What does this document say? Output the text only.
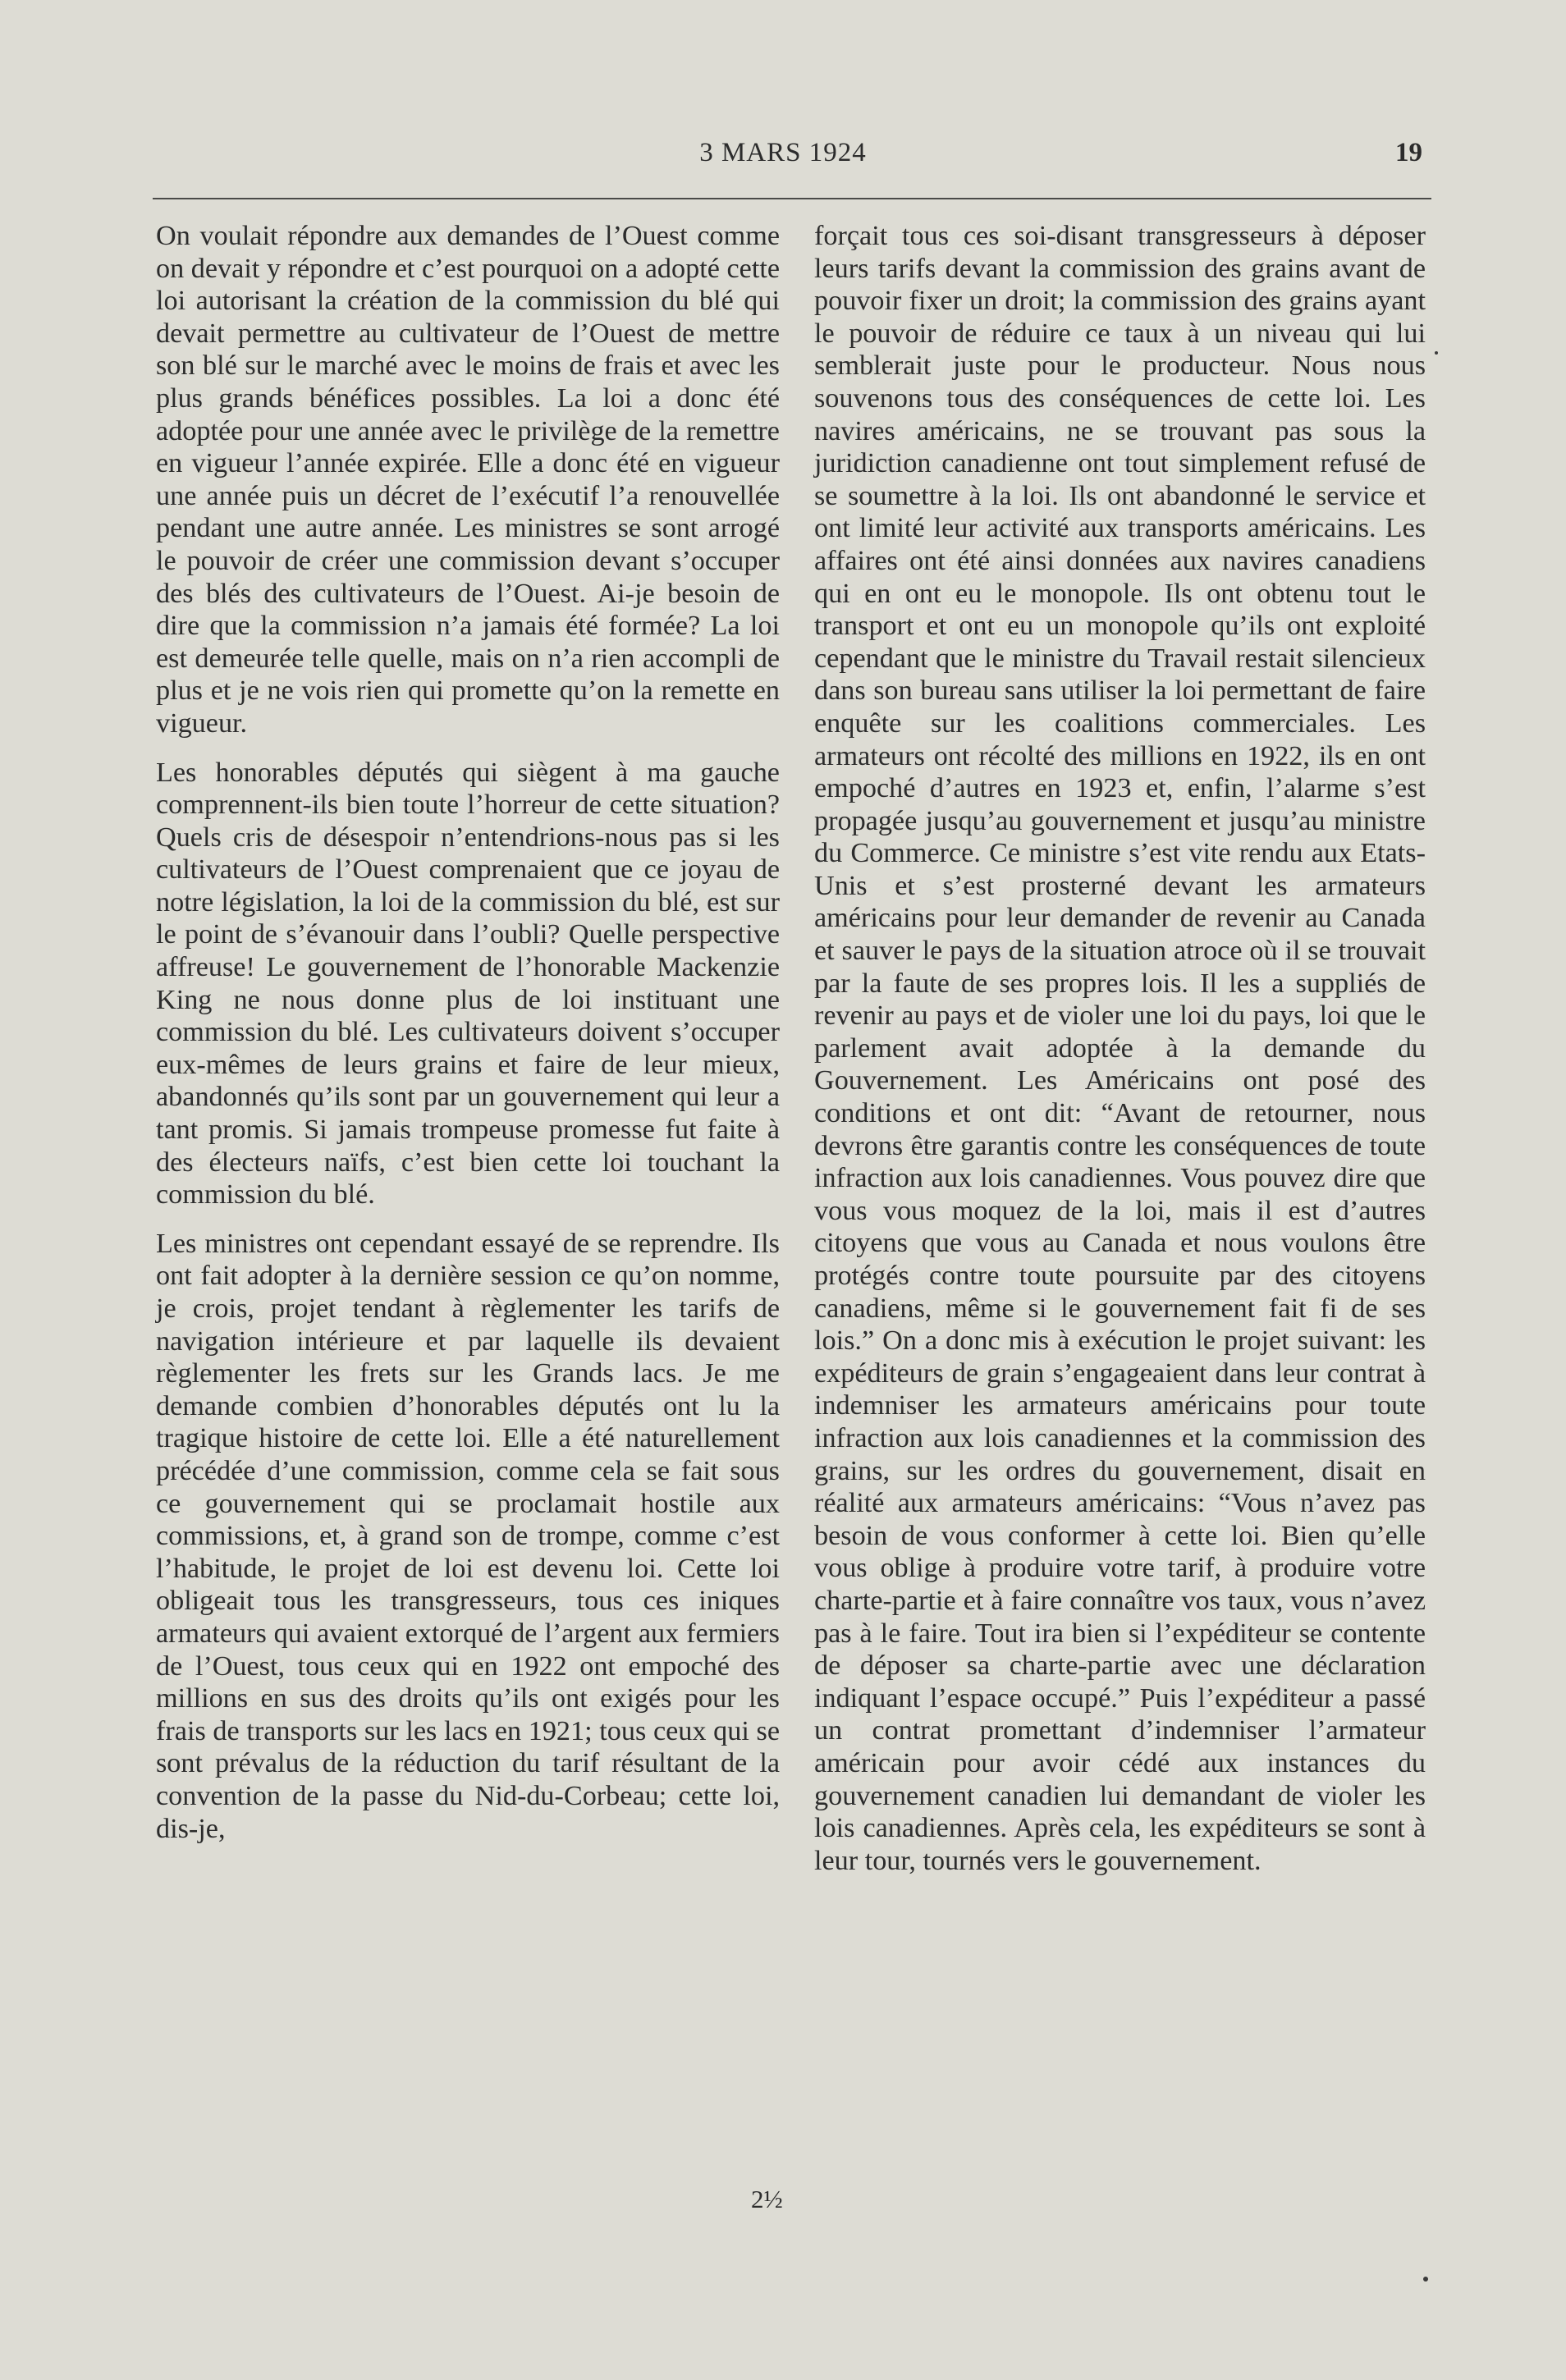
3 MARS 1924	19

On voulait répondre aux demandes de l’Ouest comme on devait y répondre et c’est pourquoi on a adopté cette loi autorisant la création de la commission du blé qui devait permettre au cultivateur de l’Ouest de mettre son blé sur le marché avec le moins de frais et avec les plus grands bénéfices possibles. La loi a donc été adoptée pour une année avec le privilège de la remettre en vigueur l’année expirée. Elle a donc été en vigueur une année puis un décret de l’exécutif l’a renouvellée pendant une autre année. Les ministres se sont arrogé le pouvoir de créer une commission devant s’occuper des blés des cultivateurs de l’Ouest. Ai-je besoin de dire que la commission n’a jamais été formée? La loi est demeurée telle quelle, mais on n’a rien accompli de plus et je ne vois rien qui promette qu’on la remette en vigueur.

Les honorables députés qui siègent à ma gauche comprennent-ils bien toute l’horreur de cette situation? Quels cris de désespoir n’entendrions-nous pas si les cultivateurs de l’Ouest comprenaient que ce joyau de notre législation, la loi de la commission du blé, est sur le point de s’évanouir dans l’oubli? Quelle perspective affreuse! Le gouvernement de l’honorable Mackenzie King ne nous donne plus de loi instituant une commission du blé. Les cultivateurs doivent s’occuper eux-mêmes de leurs grains et faire de leur mieux, abandonnés qu’ils sont par un gouvernement qui leur a tant promis. Si jamais trompeuse promesse fut faite à des électeurs naïfs, c’est bien cette loi touchant la commission du blé.

Les ministres ont cependant essayé de se reprendre. Ils ont fait adopter à la dernière session ce qu’on nomme, je crois, projet tendant à règlementer les tarifs de navigation intérieure et par laquelle ils devaient règlementer les frets sur les Grands lacs. Je me demande combien d’honorables députés ont lu la tragique histoire de cette loi. Elle a été naturellement précédée d’une commission, comme cela se fait sous ce gouvernement qui se proclamait hostile aux commissions, et, à grand son de trompe, comme c’est l’habitude, le projet de loi est devenu loi. Cette loi obligeait tous les transgresseurs, tous ces iniques armateurs qui avaient extorqué de l’argent aux fermiers de l’Ouest, tous ceux qui en 1922 ont empoché des millions en sus des droits qu’ils ont exigés pour les frais de transports sur les lacs en 1921; tous ceux qui se sont prévalus de la réduction du tarif résultant de la convention de la passe du Nid-du-Corbeau; cette loi, dis-je,

forçait tous ces soi-disant transgresseurs à déposer leurs tarifs devant la commission des grains avant de pouvoir fixer un droit; la commission des grains ayant le pouvoir de réduire ce taux à un niveau qui lui semblerait juste pour le producteur. Nous nous souvenons tous des conséquences de cette loi. Les navires américains, ne se trouvant pas sous la juridiction canadienne ont tout simplement refusé de se soumettre à la loi. Ils ont abandonné le service et ont limité leur activité aux transports américains. Les affaires ont été ainsi données aux navires canadiens qui en ont eu le monopole. Ils ont obtenu tout le transport et ont eu un monopole qu’ils ont exploité cependant que le ministre du Travail restait silencieux dans son bureau sans utiliser la loi permettant de faire enquête sur les coalitions commerciales. Les armateurs ont récolté des millions en 1922, ils en ont empoché d’autres en 1923 et, enfin, l’alarme s’est propagée jusqu’au gouvernement et jusqu’au ministre du Commerce. Ce ministre s’est vite rendu aux Etats-Unis et s’est prosterné devant les armateurs américains pour leur demander de revenir au Canada et sauver le pays de la situation atroce où il se trouvait par la faute de ses propres lois. Il les a suppliés de revenir au pays et de violer une loi du pays, loi que le parlement avait adoptée à la demande du Gouvernement. Les Américains ont posé des conditions et ont dit: “Avant de retourner, nous devrons être garantis contre les conséquences de toute infraction aux lois canadiennes. Vous pouvez dire que vous vous moquez de la loi, mais il est d’autres citoyens que vous au Canada et nous voulons être protégés contre toute poursuite par des citoyens canadiens, même si le gouvernement fait fi de ses lois.” On a donc mis à exécution le projet suivant: les expéditeurs de grain s’engageaient dans leur contrat à indemniser les armateurs américains pour toute infraction aux lois canadiennes et la commission des grains, sur les ordres du gouvernement, disait en réalité aux armateurs américains: “Vous n’avez pas besoin de vous conformer à cette loi. Bien qu’elle vous oblige à produire votre tarif, à produire votre charte-partie et à faire connaître vos taux, vous n’avez pas à le faire. Tout ira bien si l’expéditeur se contente de déposer sa charte-partie avec une déclaration indiquant l’espace occupé.” Puis l’expéditeur a passé un contrat promettant d’indemniser l’armateur américain pour avoir cédé aux instances du gouvernement canadien lui demandant de violer les lois canadiennes. Après cela, les expéditeurs se sont à leur tour, tournés vers le gouvernement.

2½
